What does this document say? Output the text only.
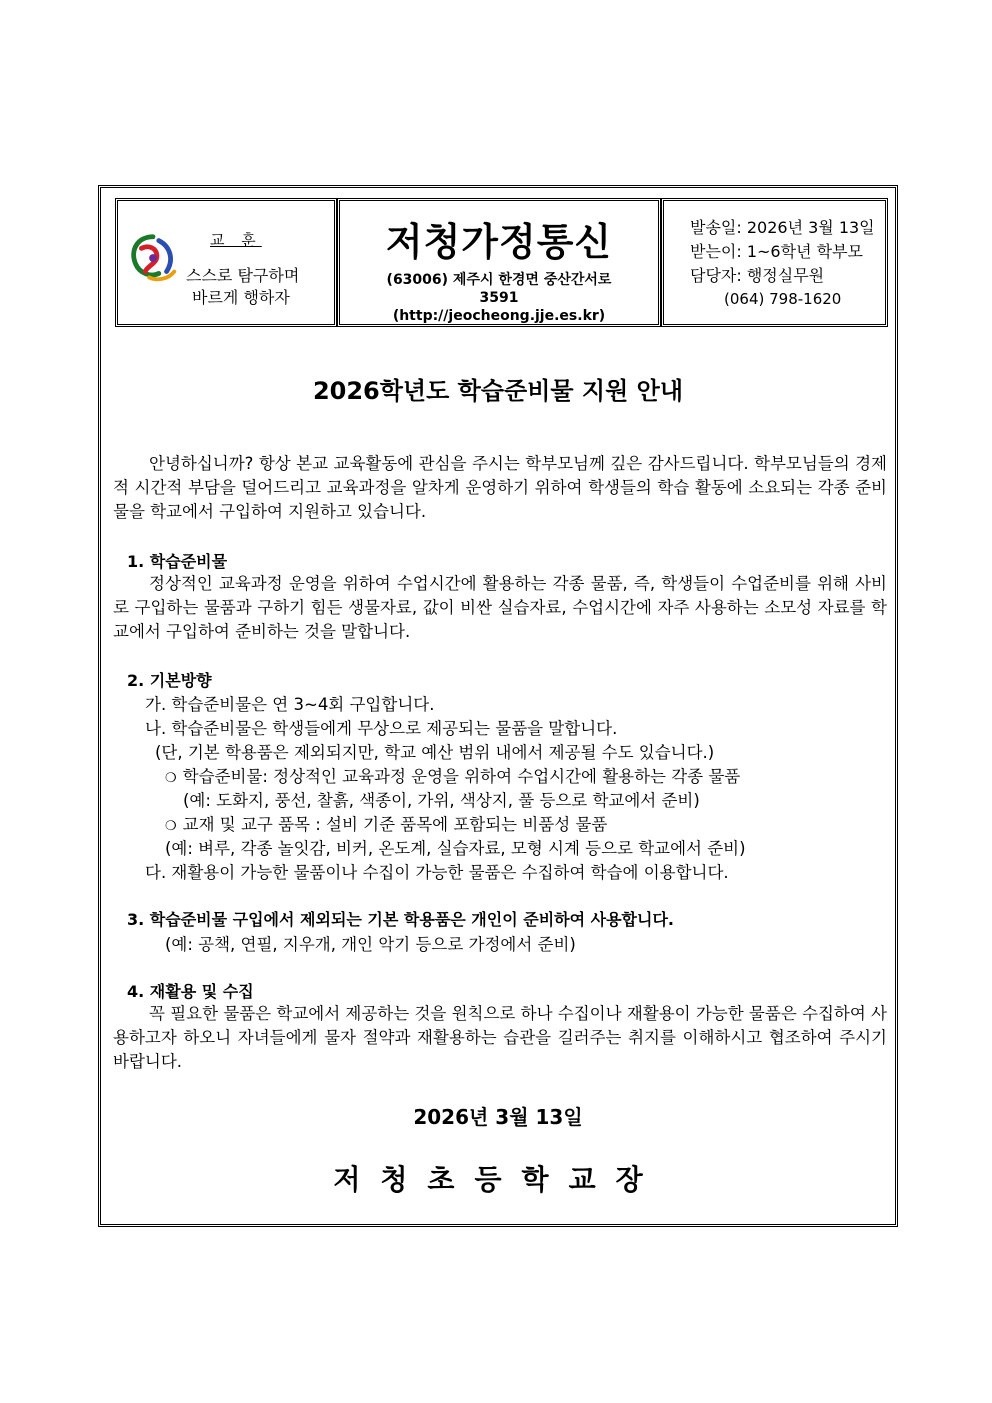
교 훈
스스로 탐구하며
바르게 행하자
저청가정통신
(63006) 제주시 한경면 중산간서로
3591
(http://jeocheong.jje.es.kr)
발송일: 2026년 3월 13일
받는이: 1~6학년 학부모
담당자: 행정실무원
(064) 798-1620
2026학년도 학습준비물 지원 안내
안녕하십니까? 항상 본교 교육활동에 관심을 주시는 학부모님께 깊은 감사드립니다. 학부모님들의 경제적 시간적 부담을 덜어드리고 교육과정을 알차게 운영하기 위하여 학생들의 학습 활동에 소요되는 각종 준비물을 학교에서 구입하여 지원하고 있습니다.
1. 학습준비물
정상적인 교육과정 운영을 위하여 수업시간에 활용하는 각종 물품, 즉, 학생들이 수업준비를 위해 사비로 구입하는 물품과 구하기 힘든 생물자료, 값이 비싼 실습자료, 수업시간에 자주 사용하는 소모성 자료를 학교에서 구입하여 준비하는 것을 말합니다.
2. 기본방향
가. 학습준비물은 연 3~4회 구입합니다.
나. 학습준비물은 학생들에게 무상으로 제공되는 물품을 말합니다.
(단, 기본 학용품은 제외되지만, 학교 예산 범위 내에서 제공될 수도 있습니다.)
❍ 학습준비물: 정상적인 교육과정 운영을 위하여 수업시간에 활용하는 각종 물품
(예: 도화지, 풍선, 찰흙, 색종이, 가위, 색상지, 풀 등으로 학교에서 준비)
❍ 교재 및 교구 품목 : 설비 기준 품목에 포함되는 비품성 물품
(예: 벼루, 각종 놀잇감, 비커, 온도계, 실습자료, 모형 시계 등으로 학교에서 준비)
다. 재활용이 가능한 물품이나 수집이 가능한 물품은 수집하여 학습에 이용합니다.
3. 학습준비물 구입에서 제외되는 기본 학용품은 개인이 준비하여 사용합니다.
(예: 공책, 연필, 지우개, 개인 악기 등으로 가정에서 준비)
4. 재활용 및 수집
꼭 필요한 물품은 학교에서 제공하는 것을 원칙으로 하나 수집이나 재활용이 가능한 물품은 수집하여 사용하고자 하오니 자녀들에게 물자 절약과 재활용하는 습관을 길러주는 취지를 이해하시고 협조하여 주시기 바랍니다.
2026년 3월 13일
저청초등학교장
